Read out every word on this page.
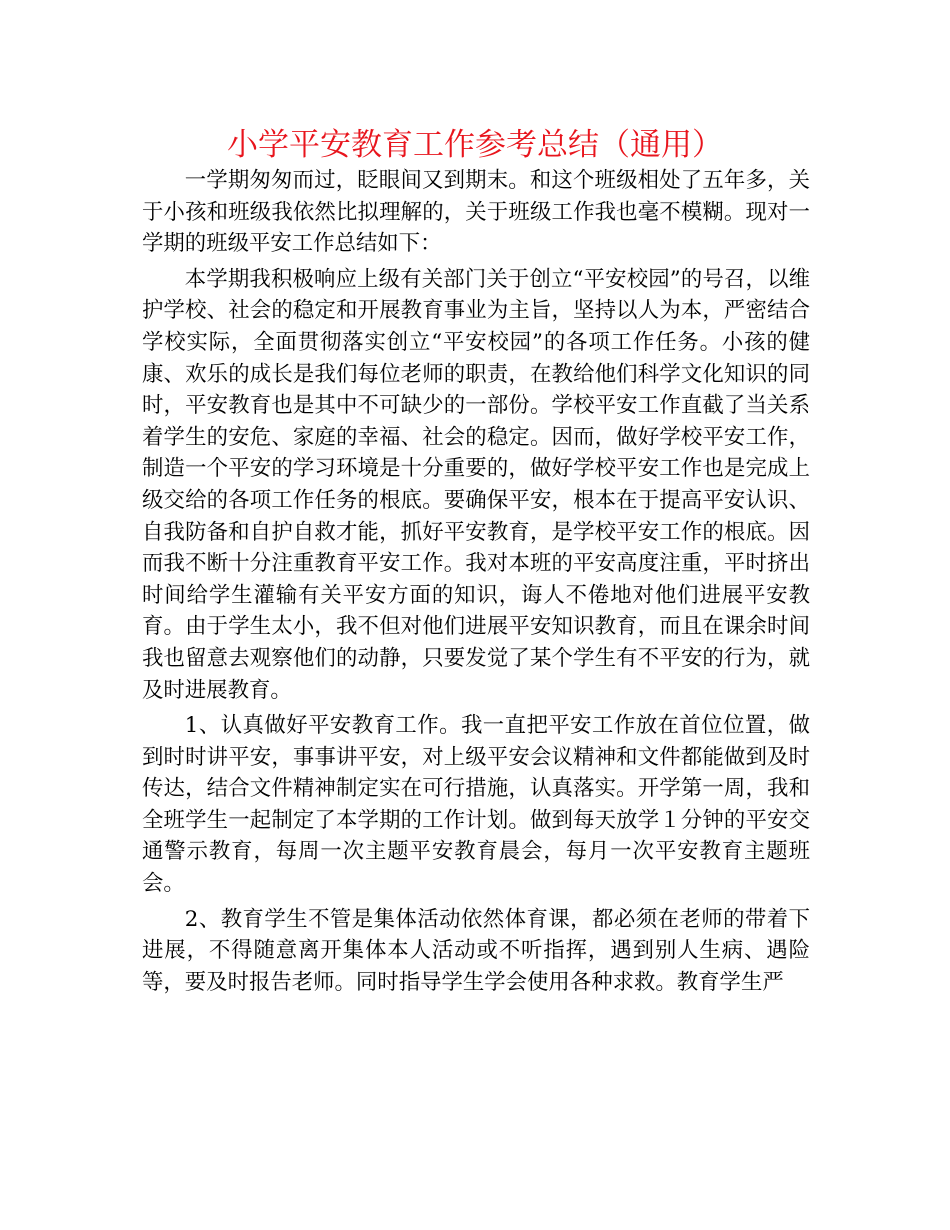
小学平安教育工作参考总结（通用）

一学期匆匆而过，眨眼间又到期末。和这个班级相处了五年多，关于小孩和班级我依然比拟理解的，关于班级工作我也毫不模糊。现对一学期的班级平安工作总结如下：

本学期我积极响应上级有关部门关于创立“平安校园”的号召，以维护学校、社会的稳定和开展教育事业为主旨，坚持以人为本，严密结合学校实际，全面贯彻落实创立“平安校园”的各项工作任务。小孩的健康、欢乐的成长是我们每位老师的职责，在教给他们科学文化知识的同时，平安教育也是其中不可缺少的一部份。学校平安工作直截了当关系着学生的安危、家庭的幸福、社会的稳定。因而，做好学校平安工作，制造一个平安的学习环境是十分重要的，做好学校平安工作也是完成上级交给的各项工作任务的根底。要确保平安，根本在于提高平安认识、自我防备和自护自救才能，抓好平安教育，是学校平安工作的根底。因而我不断十分注重教育平安工作。我对本班的平安高度注重，平时挤出时间给学生灌输有关平安方面的知识，诲人不倦地对他们进展平安教育。由于学生太小，我不但对他们进展平安知识教育，而且在课余时间我也留意去观察他们的动静，只要发觉了某个学生有不平安的行为，就及时进展教育。

1、认真做好平安教育工作。我一直把平安工作放在首位位置，做到时时讲平安，事事讲平安，对上级平安会议精神和文件都能做到及时传达，结合文件精神制定实在可行措施，认真落实。开学第一周，我和全班学生一起制定了本学期的工作计划。做到每天放学１分钟的平安交通警示教育，每周一次主题平安教育晨会，每月一次平安教育主题班会。

2、教育学生不管是集体活动依然体育课，都必须在老师的带着下进展，不得随意离开集体本人活动或不听指挥，遇到别人生病、遇险等，要及时报告老师。同时指导学生学会使用各种求救。教育学生严
